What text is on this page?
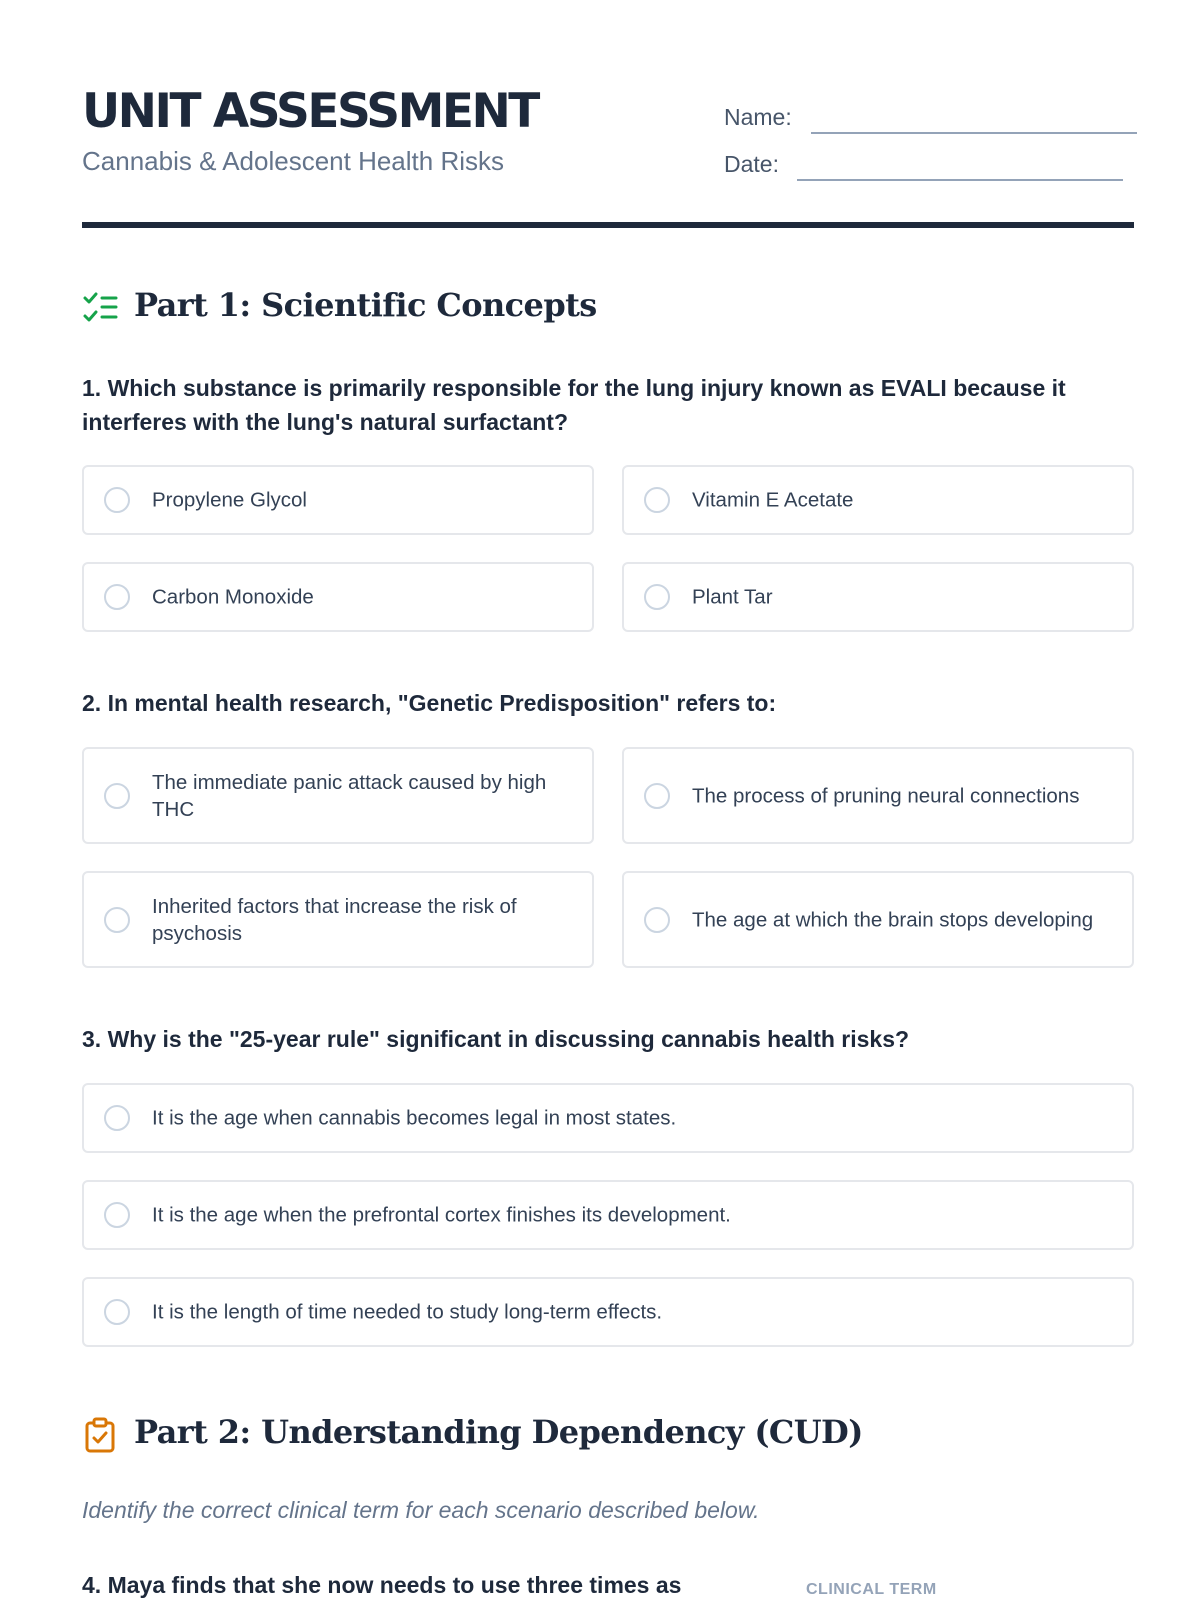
UNIT ASSESSMENT
Cannabis & Adolescent Health Risks
Name:
Date:
Part 1: Scientific Concepts

1. Which substance is primarily responsible for the lung injury known as EVALI because it interferes with the lung's natural surfactant?

Propylene Glycol	Vitamin E Acetate
Carbon Monoxide	Plant Tar

2. In mental health research, "Genetic Predisposition" refers to:

The immediate panic attack caused by high THC
The process of pruning neural connections
Inherited factors that increase the risk of psychosis
The age at which the brain stops developing

3. Why is the "25-year rule" significant in discussing cannabis health risks?

It is the age when cannabis becomes legal in most states.
It is the age when the prefrontal cortex finishes its development.
It is the length of time needed to study long-term effects.
Part 2: Understanding Dependency (CUD)

Identify the correct clinical term for each scenario described below.

4. Maya finds that she now needs to use three times as	CLINICAL TERM
